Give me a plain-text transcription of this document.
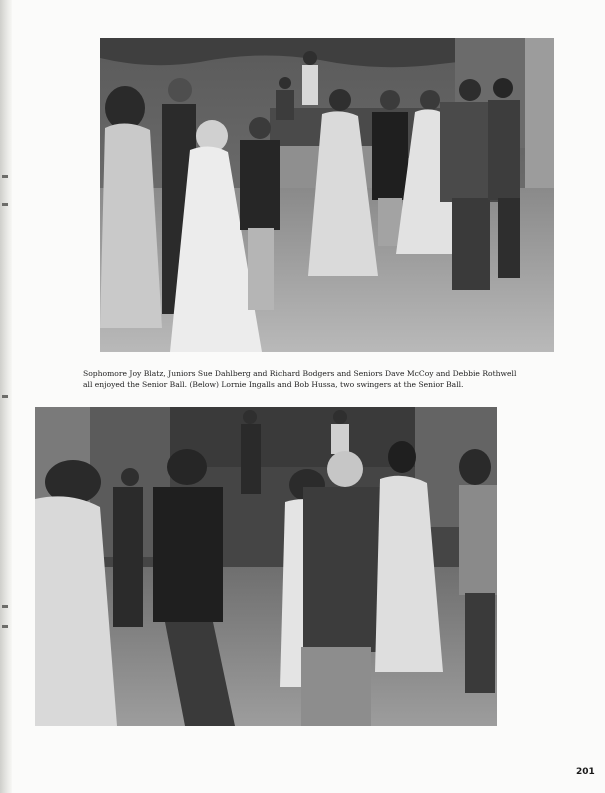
Sophomore Joy Blatz, Juniors Sue Dahlberg and Richard Bodgers and Seniors Dave McCoy and Debbie Rothwell
all enjoyed the Senior Ball. (Below) Lornie Ingalls and Bob Hussa, two swingers at the Senior Ball.

201
